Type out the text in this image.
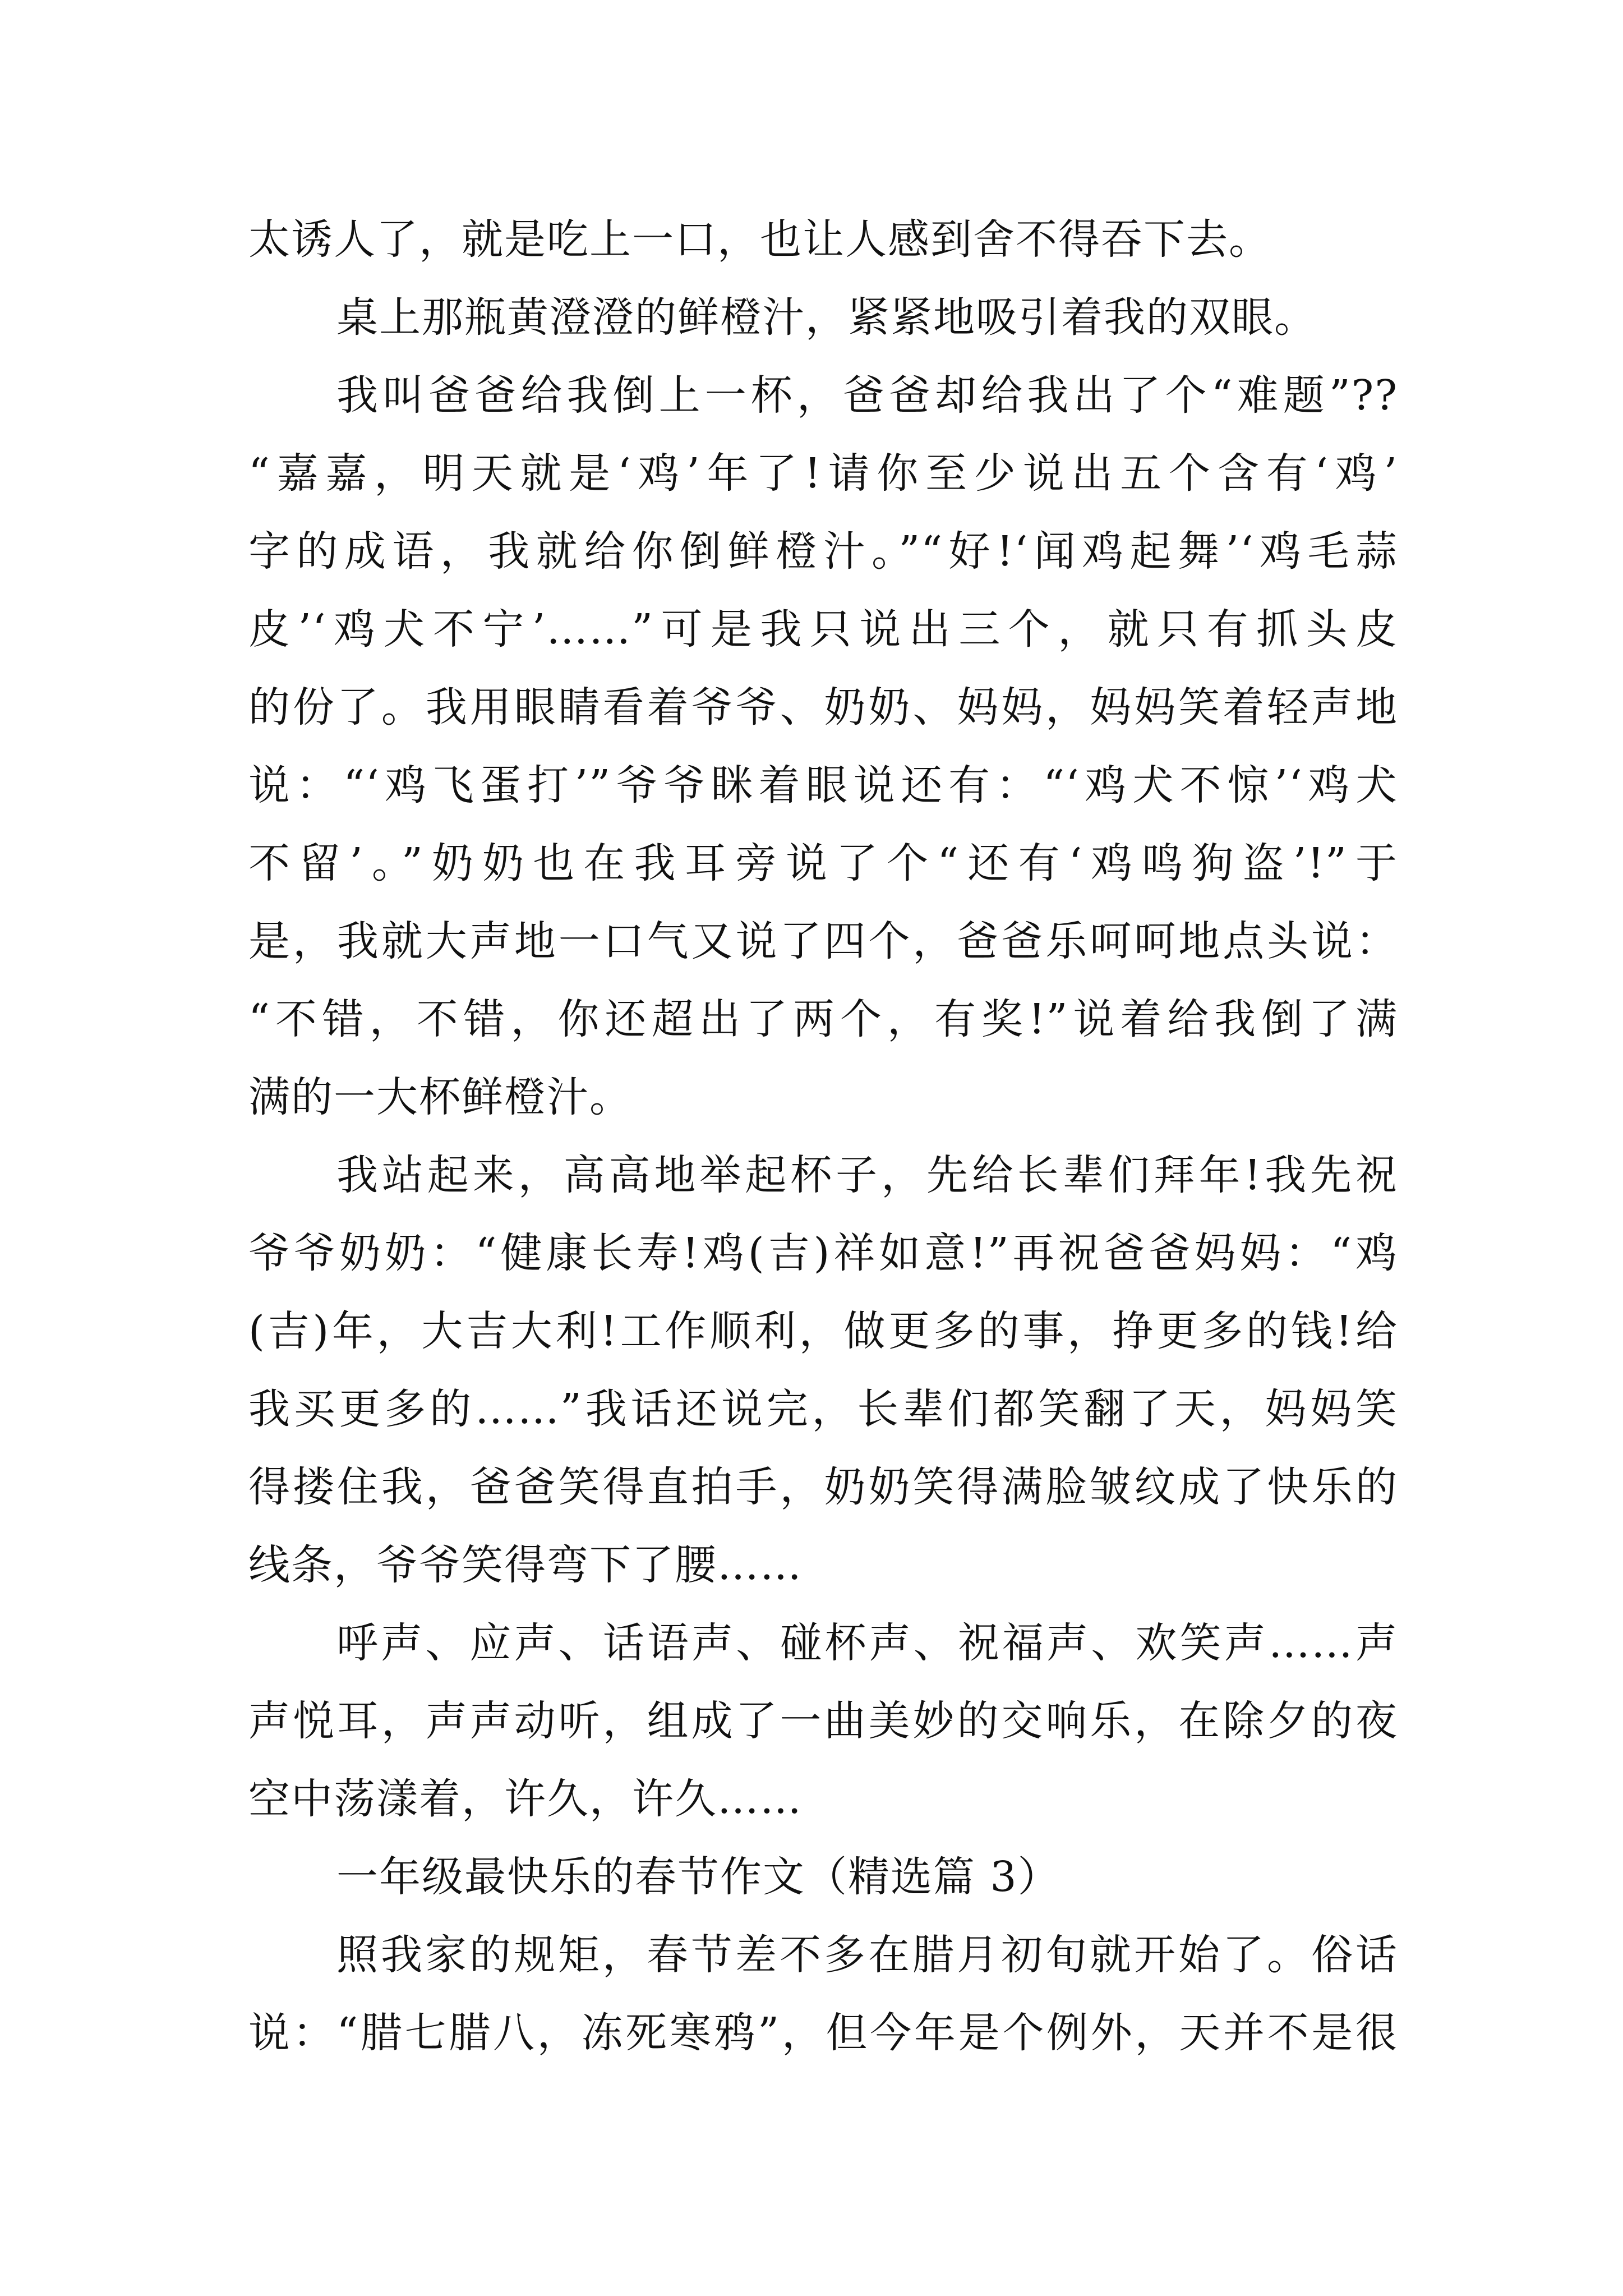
太诱人了，就是吃上一口，也让人感到舍不得吞下去。
桌上那瓶黄澄澄的鲜橙汁，紧紧地吸引着我的双眼。
我叫爸爸给我倒上一杯，爸爸却给我出了个“难题”??
“嘉嘉，明天就是‘鸡’年了!请你至少说出五个含有‘鸡’
字的成语，我就给你倒鲜橙汁。”“好!‘闻鸡起舞’‘鸡毛蒜
皮’‘鸡犬不宁’……”可是我只说出三个，就只有抓头皮
的份了。我用眼睛看着爷爷、奶奶、妈妈，妈妈笑着轻声地
说：“‘鸡飞蛋打’”爷爷眯着眼说还有：“‘鸡犬不惊’‘鸡犬
不留’。”奶奶也在我耳旁说了个“还有‘鸡鸣狗盗’!”于
是，我就大声地一口气又说了四个，爸爸乐呵呵地点头说：
“不错，不错，你还超出了两个，有奖!”说着给我倒了满
满的一大杯鲜橙汁。
我站起来，高高地举起杯子，先给长辈们拜年!我先祝
爷爷奶奶：“健康长寿!鸡(吉)祥如意!”再祝爸爸妈妈：“鸡
(吉)年，大吉大利!工作顺利，做更多的事，挣更多的钱!给
我买更多的……”我话还说完，长辈们都笑翻了天，妈妈笑
得搂住我，爸爸笑得直拍手，奶奶笑得满脸皱纹成了快乐的
线条，爷爷笑得弯下了腰……
呼声、应声、话语声、碰杯声、祝福声、欢笑声……声
声悦耳，声声动听，组成了一曲美妙的交响乐，在除夕的夜
空中荡漾着，许久，许久……
一年级最快乐的春节作文（精选篇 3）
照我家的规矩，春节差不多在腊月初旬就开始了。俗话
说：“腊七腊八，冻死寒鸦”，但今年是个例外，天并不是很
